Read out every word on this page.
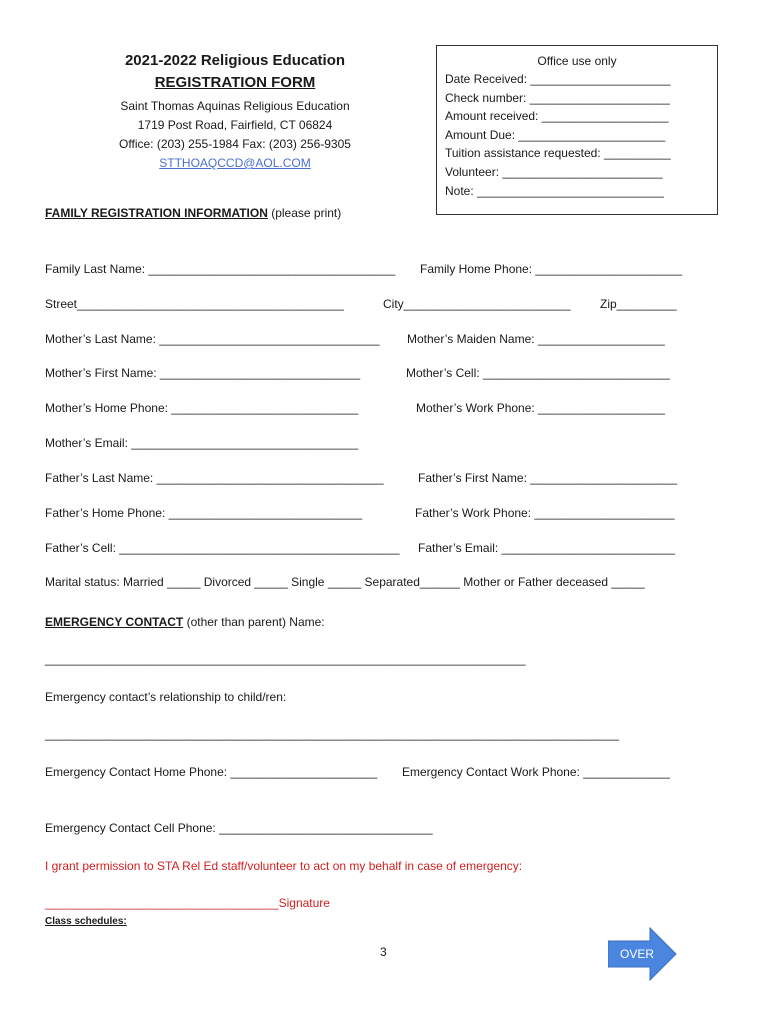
2021-2022 Religious Education
REGISTRATION FORM
Saint Thomas Aquinas Religious Education
1719 Post Road, Fairfield, CT 06824
Office: (203) 255-1984 Fax: (203) 256-9305
STTHOAQCCD@AOL.COM
Office use only
Date Received: _____________________
Check number: _____________________
Amount received: ___________________
Amount Due: ______________________
Tuition assistance requested: __________
Volunteer: ________________________
Note: ____________________________
FAMILY REGISTRATION INFORMATION (please print)
Family Last Name: _____________________________________ Family Home Phone: ______________________
Street________________________________________	City_________________________ Zip_________
Mother’s Last Name: _________________________________ Mother’s Maiden Name: ___________________
Mother’s First Name: ______________________________	Mother’s Cell: ____________________________
Mother’s Home Phone: ____________________________	Mother’s Work Phone: ___________________
Mother’s Email: __________________________________
Father’s Last Name: __________________________________	Father’s First Name: ______________________
Father’s Home Phone: _____________________________	Father’s Work Phone: _____________________
Father’s Cell: __________________________________________ Father’s Email: __________________________
Marital status: Married _____ Divorced _____ Single _____ Separated______ Mother or Father deceased _____
EMERGENCY CONTACT (other than parent) Name:
________________________________________________________________________
Emergency contact’s relationship to child/ren:
______________________________________________________________________________________
Emergency Contact Home Phone: ______________________ Emergency Contact Work Phone: _____________
Emergency Contact Cell Phone: ________________________________
I grant permission to STA Rel Ed staff/volunteer to act on my behalf in case of emergency:
___________________________________Signature
Class schedules:
3	OVER
